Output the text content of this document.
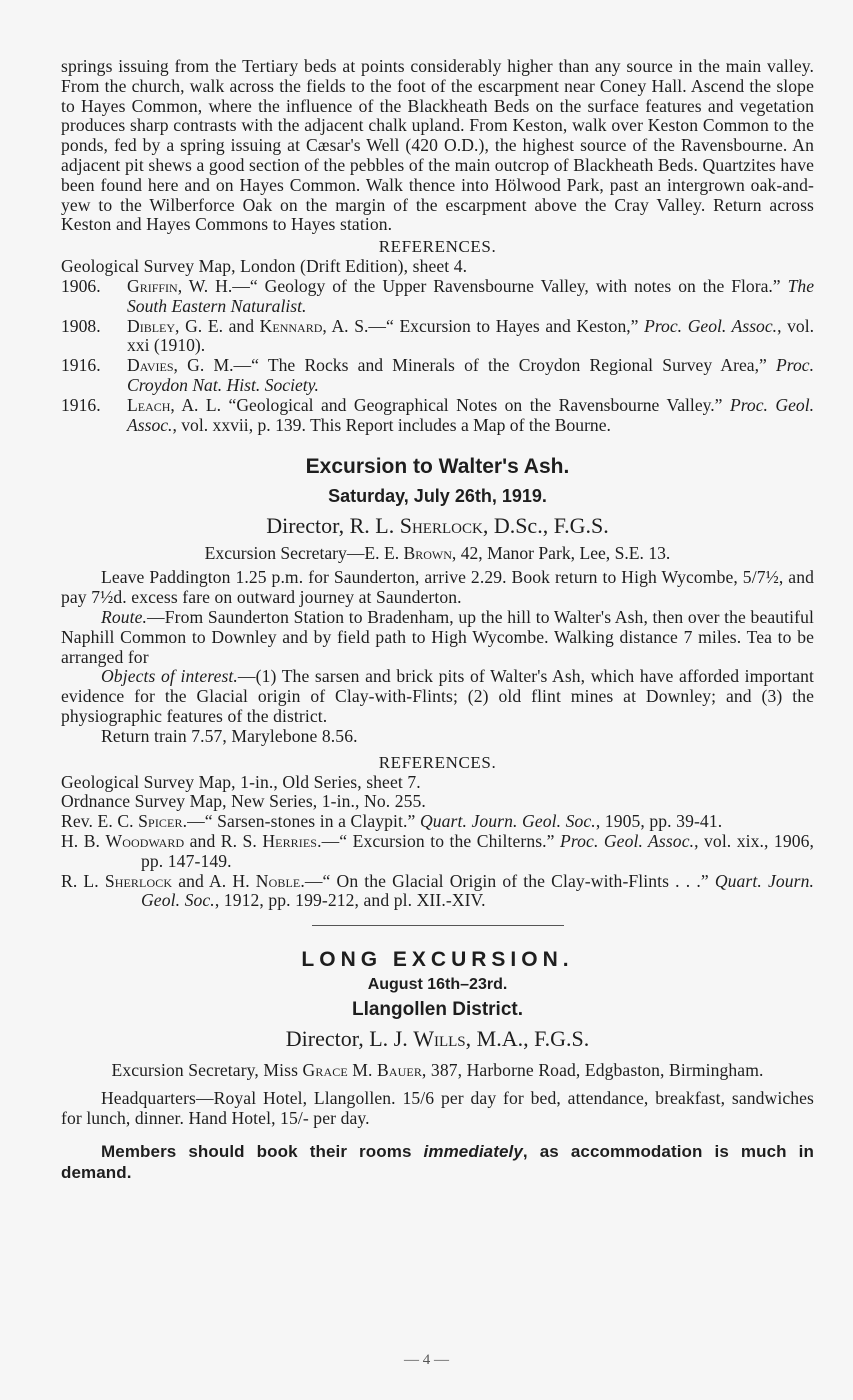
springs issuing from the Tertiary beds at points considerably higher than any source in the main valley. From the church, walk across the fields to the foot of the escarpment near Coney Hall. Ascend the slope to Hayes Common, where the influence of the Blackheath Beds on the surface features and vegetation produces sharp contrasts with the adjacent chalk upland. From Keston, walk over Keston Common to the ponds, fed by a spring issuing at Cæsar's Well (420 O.D.), the highest source of the Ravensbourne. An adjacent pit shews a good section of the pebbles of the main outcrop of Blackheath Beds. Quartzites have been found here and on Hayes Common. Walk thence into Hölwood Park, past an intergrown oak-and-yew to the Wilberforce Oak on the margin of the escarpment above the Cray Valley. Return across Keston and Hayes Commons to Hayes station.

REFERENCES.

Geological Survey Map, London (Drift Edition), sheet 4.

1906.	Griffin, W. H.—“ Geology of the Upper Ravensbourne Valley, with notes on the Flora.” The South Eastern Naturalist.
1908.	Dibley, G. E. and Kennard, A. S.—“ Excursion to Hayes and Keston,” Proc. Geol. Assoc., vol. xxi (1910).
1916.	Davies, G. M.—“ The Rocks and Minerals of the Croydon Regional Survey Area,” Proc. Croydon Nat. Hist. Society.
1916.	Leach, A. L. “Geological and Geographical Notes on the Ravensbourne Valley.” Proc. Geol. Assoc., vol. xxvii, p. 139. This Report includes a Map of the Bourne.
Excursion to Walter's Ash.
Saturday, July 26th, 1919.
Director, R. L. Sherlock, D.Sc., F.G.S.
Excursion Secretary—E. E. Brown, 42, Manor Park, Lee, S.E. 13.

Leave Paddington 1.25 p.m. for Saunderton, arrive 2.29. Book return to High Wycombe, 5/7½, and pay 7½d. excess fare on outward journey at Saunderton.

Route.—From Saunderton Station to Bradenham, up the hill to Walter's Ash, then over the beautiful Naphill Common to Downley and by field path to High Wycombe. Walking distance 7 miles. Tea to be arranged for

Objects of interest.—(1) The sarsen and brick pits of Walter's Ash, which have afforded important evidence for the Glacial origin of Clay-with-Flints; (2) old flint mines at Downley; and (3) the physiographic features of the district.

Return train 7.57, Marylebone 8.56.

REFERENCES.

Geological Survey Map, 1-in., Old Series, sheet 7.

Ordnance Survey Map, New Series, 1-in., No. 255.

Rev. E. C. Spicer.—“ Sarsen-stones in a Claypit.” Quart. Journ. Geol. Soc., 1905, pp. 39-41.

H. B. Woodward and R. S. Herries.—“ Excursion to the Chilterns.” Proc. Geol. Assoc., vol. xix., 1906, pp. 147-149.

R. L. Sherlock and A. H. Noble.—“ On the Glacial Origin of the Clay-with-Flints . . .” Quart. Journ. Geol. Soc., 1912, pp. 199-212, and pl. XII.-XIV.

LONG EXCURSION.
August 16th–23rd.
Llangollen District.
Director, L. J. Wills, M.A., F.G.S.

Excursion Secretary, Miss Grace M. Bauer, 387, Harborne Road, Edgbaston, Birmingham.

Headquarters—Royal Hotel, Llangollen. 15/6 per day for bed, attendance, breakfast, sandwiches for lunch, dinner. Hand Hotel, 15/- per day.

Members should book their rooms immediately, as accommodation is much in demand.

— 4 —
